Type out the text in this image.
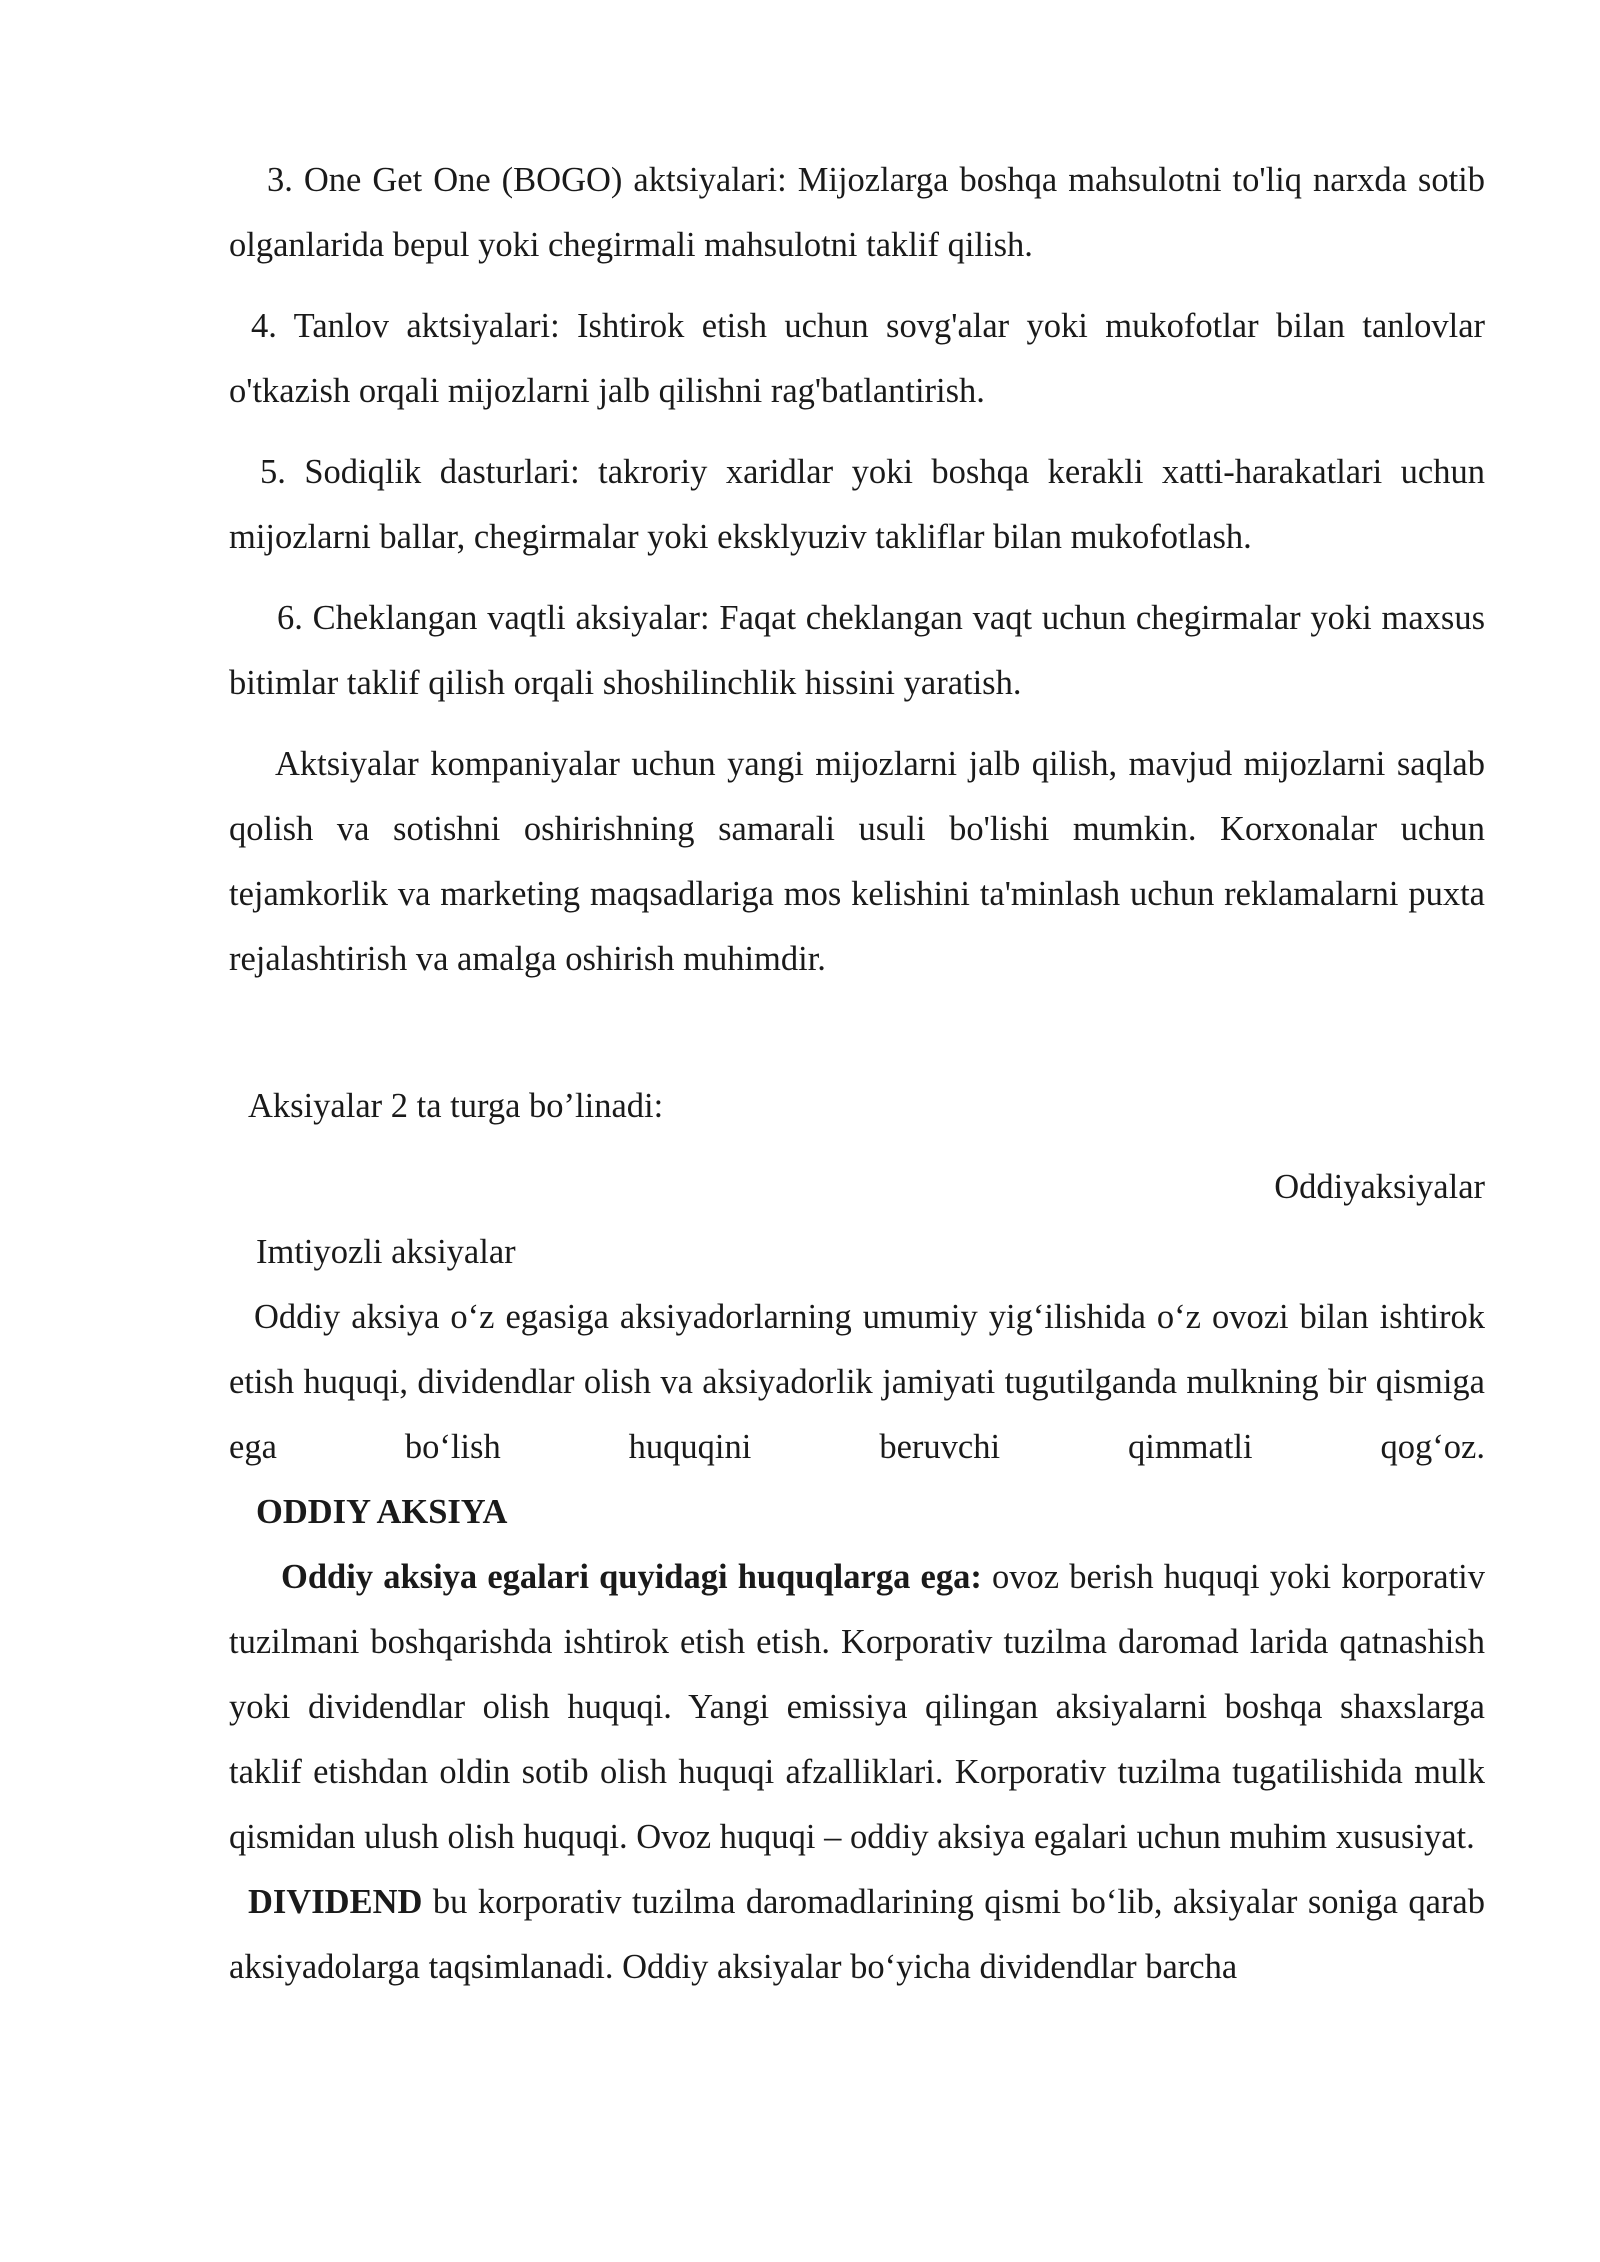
3. One Get One (BOGO) aktsiyalari: Mijozlarga boshqa mahsulotni to'liq narxda sotib olganlarida bepul yoki chegirmali mahsulotni taklif qilish.

4. Tanlov aktsiyalari: Ishtirok etish uchun sovg'alar yoki mukofotlar bilan tanlovlar o'tkazish orqali mijozlarni jalb qilishni rag'batlantirish.

5. Sodiqlik dasturlari: takroriy xaridlar yoki boshqa kerakli xatti-harakatlari uchun mijozlarni ballar, chegirmalar yoki eksklyuziv takliflar bilan mukofotlash.

6. Cheklangan vaqtli aksiyalar: Faqat cheklangan vaqt uchun chegirmalar yoki maxsus bitimlar taklif qilish orqali shoshilinchlik hissini yaratish.

Aktsiyalar kompaniyalar uchun yangi mijozlarni jalb qilish, mavjud mijozlarni saqlab qolish va sotishni oshirishning samarali usuli bo'lishi mumkin. Korxonalar uchun tejamkorlik va marketing maqsadlariga mos kelishini ta'minlash uchun reklamalarni puxta rejalashtirish va amalga oshirish muhimdir.

Aksiyalar 2 ta turga bo’linadi:

Oddiyaksiyalar

Imtiyozli aksiyalar

Oddiy aksiya o‘z egasiga aksiyadorlarning umumiy yig‘ilishida o‘z ovozi bilan ishtirok etish huquqi, dividendlar olish va aksiyadorlik jamiyati tugutilganda mulkning bir qismiga ega bo‘lish huquqini beruvchi qimmatli qog‘oz.

ODDIY AKSIYA

Oddiy aksiya egalari quyidagi huquqlarga ega: ovoz berish huquqi yoki korporativ tuzilmani boshqarishda ishtirok etish etish. Korporativ tuzilma daromad larida qatnashish yoki dividendlar olish huquqi. Yangi emissiya qilingan aksiyalarni boshqa shaxslarga taklif etishdan oldin sotib olish huquqi afzalliklari. Korporativ tuzilma tugatilishida mulk qismidan ulush olish huquqi. Ovoz huquqi – oddiy aksiya egalari uchun muhim xususiyat.

DIVIDEND bu korporativ tuzilma daromadlarining qismi bo‘lib, aksiyalar soniga qarab aksiyadolarga taqsimlanadi. Oddiy aksiyalar bo‘yicha dividendlar barcha
